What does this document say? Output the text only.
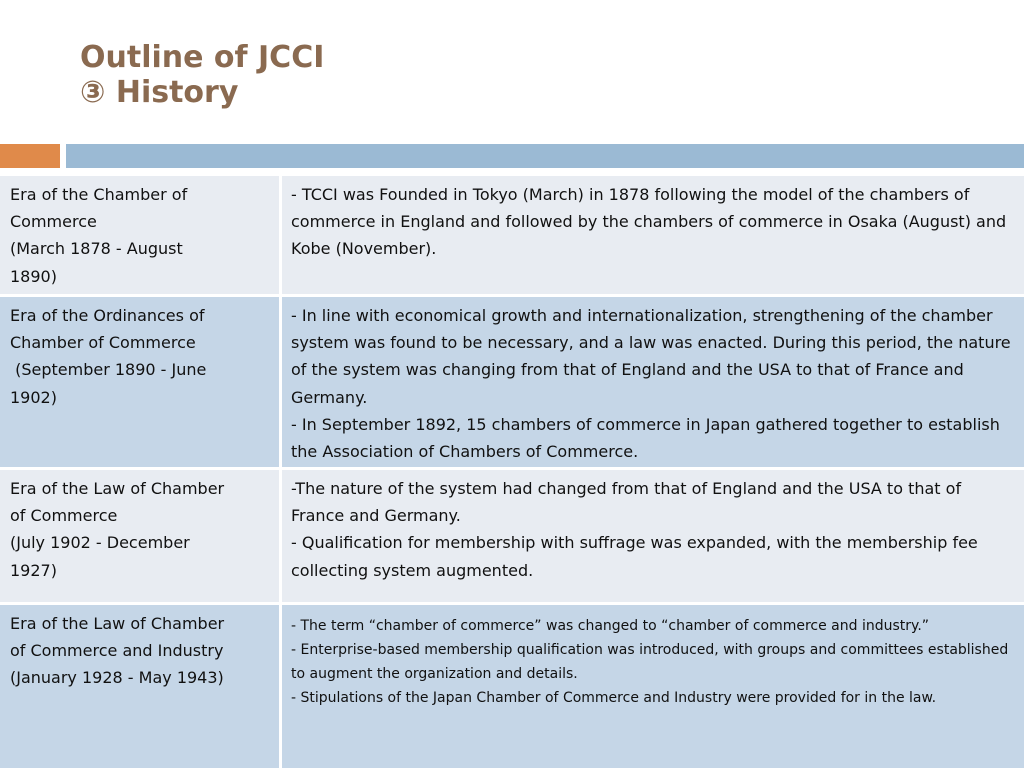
Outline of JCCI
③ History
Era of the Chamber of
Commerce
(March 1878 - August
1890)
- TCCI was Founded in Tokyo (March) in 1878 following the model of the chambers of commerce in England and followed by the chambers of commerce in Osaka (August) and Kobe (November).
Era of the Ordinances of
Chamber of Commerce
(September 1890 - June
1902)
- In line with economical growth and internationalization, strengthening of the chamber system was found to be necessary, and a law was enacted. During this period, the nature of the system was changing from that of England and the USA to that of France and Germany.
- In September 1892, 15 chambers of commerce in Japan gathered together to establish the Association of Chambers of Commerce.
Era of the Law of Chamber
of Commerce
(July 1902 - December
1927)
-The nature of the system had changed from that of England and the USA to that of France and Germany.
- Qualification for membership with suffrage was expanded, with the membership fee collecting system augmented.
Era of the Law of Chamber
of Commerce and Industry
(January 1928 - May 1943)
- The term “chamber of commerce” was changed to “chamber of commerce and industry.”
- Enterprise-based membership qualification was introduced, with groups and committees established to augment the organization and details.
- Stipulations of the Japan Chamber of Commerce and Industry were provided for in the law.
